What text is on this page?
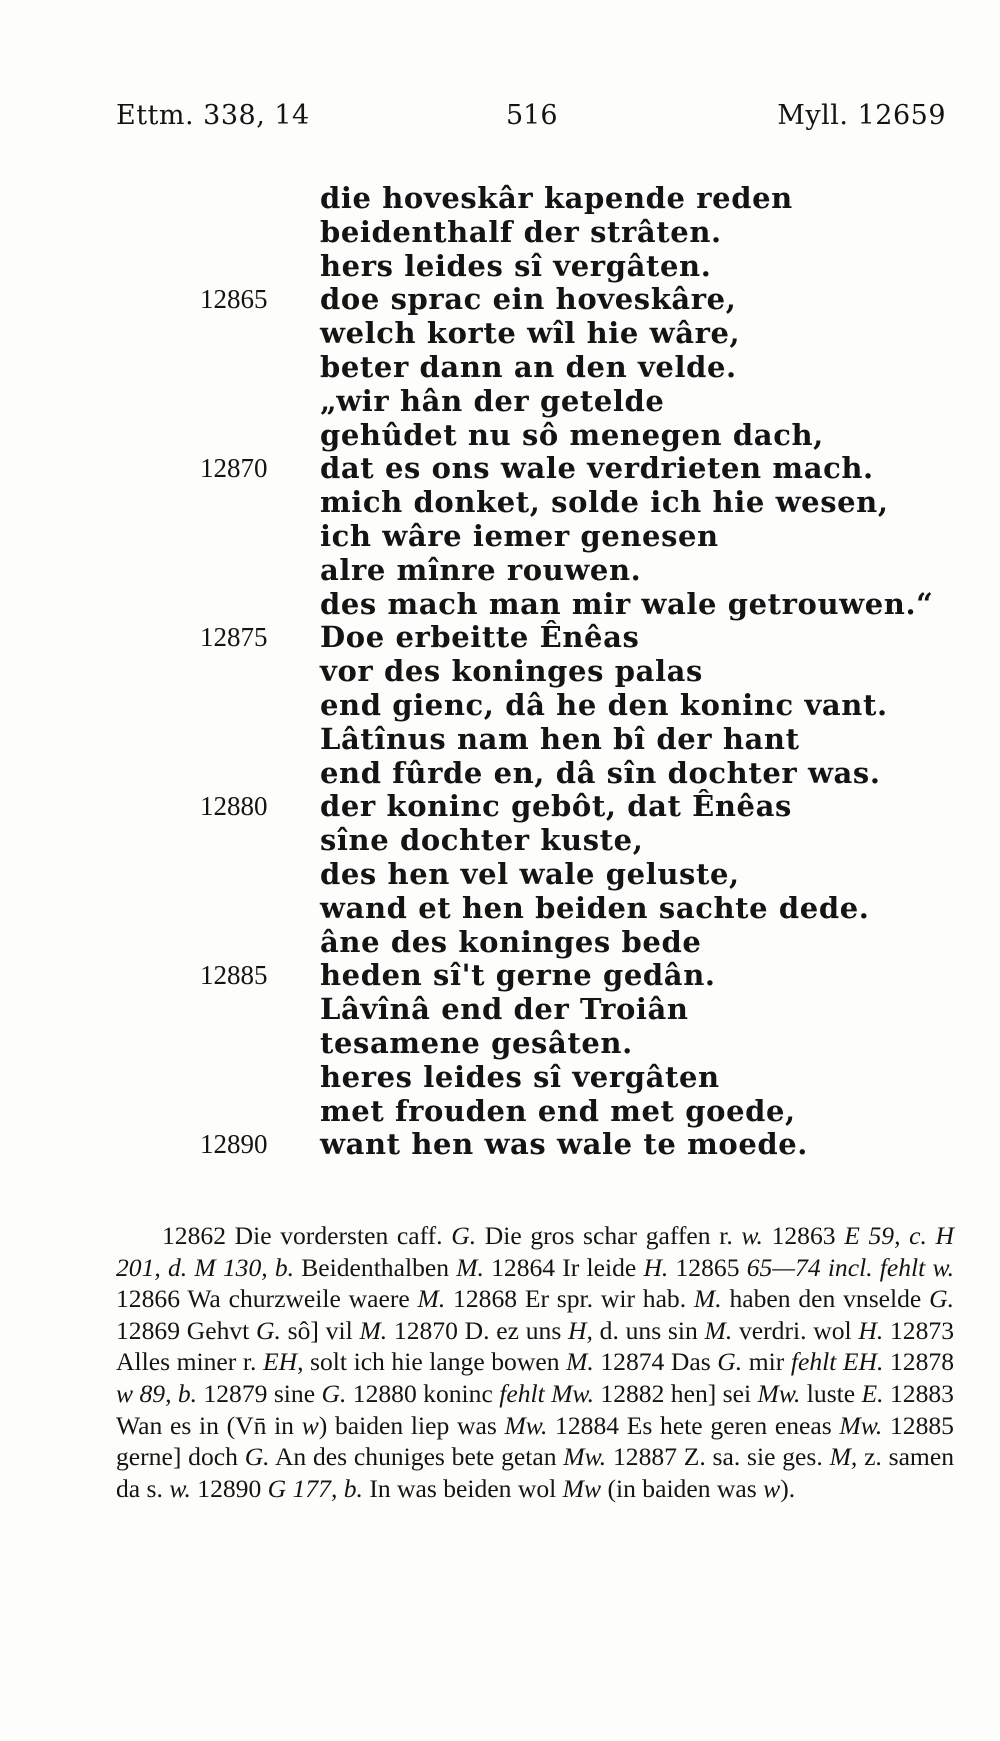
Ettm. 338, 14	516	Myll. 12659
die hoveskâr kapende reden
beidenthalf der strâten.
hers leides sî vergâten.
12865	doe sprac ein hoveskâre,
welch korte wîl hie wâre,
beter dann an den velde.
„wir hân der getelde
gehûdet nu sô menegen dach,
12870	dat es ons wale verdrieten mach.
mich donket, solde ich hie wesen,
ich wâre iemer genesen
alre mînre rouwen.
des mach man mir wale getrouwen.“
12875	Doe erbeitte Ênêas
vor des koninges palas
end gienc, dâ he den koninc vant.
Lâtînus nam hen bî der hant
end fûrde en, dâ sîn dochter was.
12880	der koninc gebôt, dat Ênêas
sîne dochter kuste,
des hen vel wale geluste,
wand et hen beiden sachte dede.
âne des koninges bede
12885	heden sî't gerne gedân.
Lâvînâ end der Troiân
tesamene gesâten.
heres leides sî vergâten
met frouden end met goede,
12890	want hen was wale te moede.
12862 Die vordersten caff. G. Die gros schar gaffen r. w. 12863 E 59, c. H 201, d. M 130, b. Beidenthalben M. 12864 Ir leide H. 12865 65—74 incl. fehlt w. 12866 Wa churzweile waere M. 12868 Er spr. wir hab. M. haben den vnselde G. 12869 Gehvt G. sô] vil M. 12870 D. ez uns H, d. uns sin M. verdri. wol H. 12873 Alles miner r. EH, solt ich hie lange bowen M. 12874 Das G. mir fehlt EH. 12878 w 89, b. 12879 sine G. 12880 koninc fehlt Mw. 12882 hen] sei Mw. luste E. 12883 Wan es in (Vn̄ in w) baiden liep was Mw. 12884 Es hete geren eneas Mw. 12885 gerne] doch G. An des chuniges bete getan Mw. 12887 Z. sa. sie ges. M, z. samen da s. w. 12890 G 177, b. In was beiden wol Mw (in baiden was w).
